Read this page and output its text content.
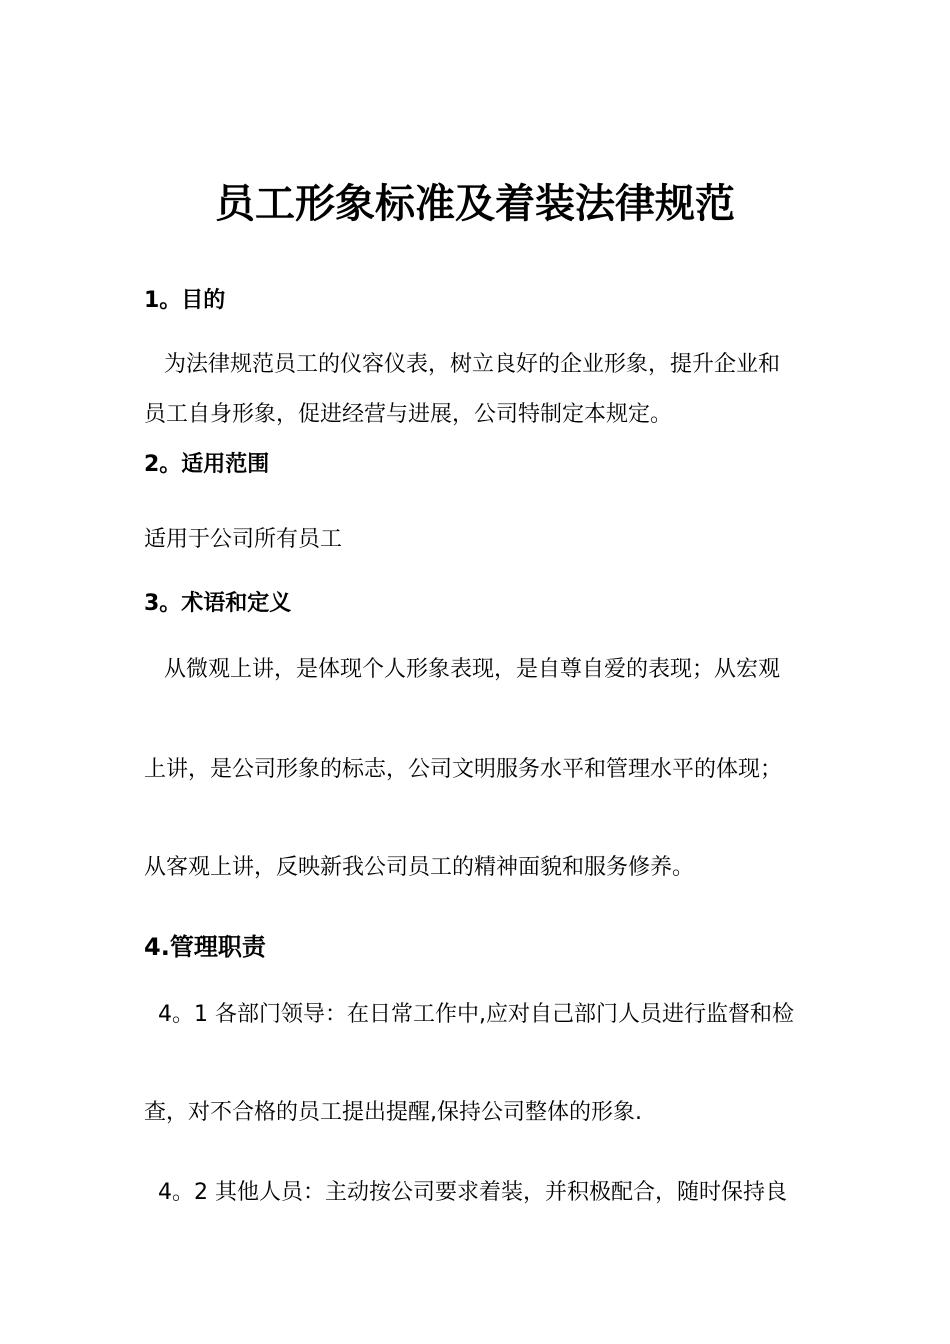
员工形象标准及着装法律规范
1。目的
为法律规范员工的仪容仪表，树立良好的企业形象，提升企业和
员工自身形象，促进经营与进展，公司特制定本规定。
2。适用范围
适用于公司所有员工
3。术语和定义
从微观上讲，是体现个人形象表现，是自尊自爱的表现；从宏观
上讲，是公司形象的标志，公司文明服务水平和管理水平的体现；
从客观上讲，反映新我公司员工的精神面貌和服务修养。
4.管理职责
4。1 各部门领导：在日常工作中,应对自己部门人员进行监督和检
查，对不合格的员工提出提醒,保持公司整体的形象.
4。2 其他人员：主动按公司要求着装，并积极配合，随时保持良
